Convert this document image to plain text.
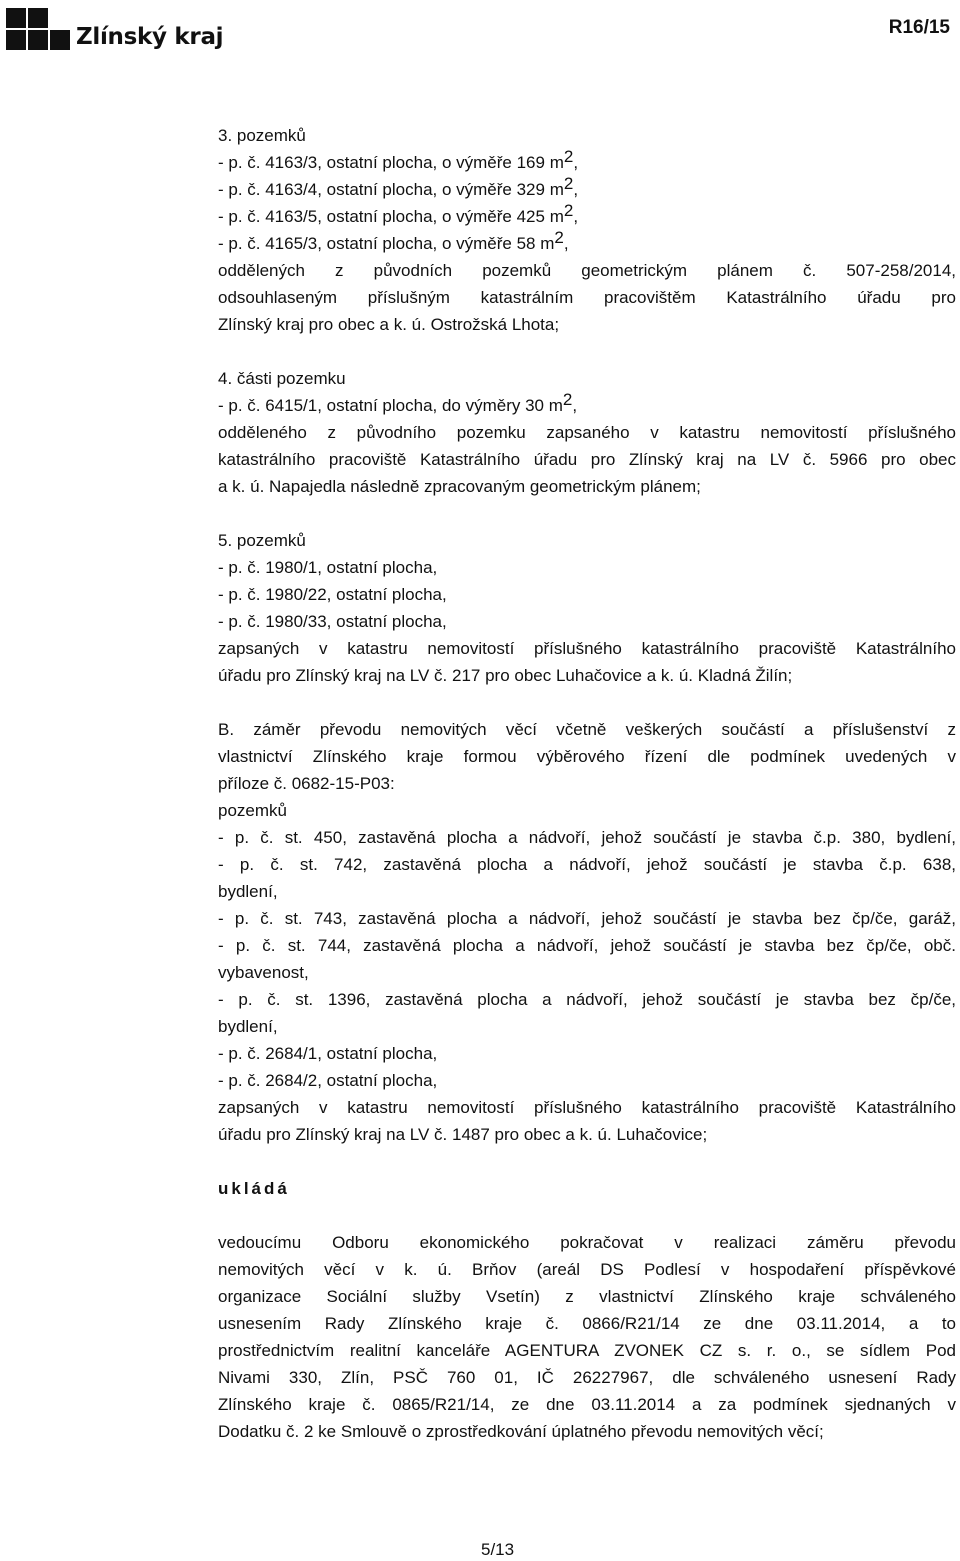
Zlínský kraj	R16/15
3. pozemků
- p. č. 4163/3, ostatní plocha, o výměře 169 $m^2$,
- p. č. 4163/4, ostatní plocha, o výměře 329 $m^2$,
- p. č. 4163/5, ostatní plocha, o výměře 425 $m^2$,
- p. č. 4165/3, ostatní plocha, o výměře 58 $m^2$,
oddělených z původních pozemků geometrickým plánem č. 507-258/2014,
odsouhlaseným příslušným katastrálním pracovištěm Katastrálního úřadu pro
Zlínský kraj pro obec a k. ú. Ostrožská Lhota;
4. části pozemku
- p. č. 6415/1, ostatní plocha, do výměry 30 $m^2$,
odděleného z původního pozemku zapsaného v katastru nemovitostí příslušného
katastrálního pracoviště Katastrálního úřadu pro Zlínský kraj na LV č. 5966 pro obec
a k. ú. Napajedla následně zpracovaným geometrickým plánem;
5. pozemků
- p. č. 1980/1, ostatní plocha,
- p. č. 1980/22, ostatní plocha,
- p. č. 1980/33, ostatní plocha,
zapsaných v katastru nemovitostí příslušného katastrálního pracoviště Katastrálního
úřadu pro Zlínský kraj na LV č. 217 pro obec Luhačovice a k. ú. Kladná Žilín;
B. záměr převodu nemovitých věcí včetně veškerých součástí a příslušenství z
vlastnictví Zlínského kraje formou výběrového řízení dle podmínek uvedených v
příloze č. 0682-15-P03:
pozemků
- p. č. st. 450, zastavěná plocha a nádvoří, jehož součástí je stavba č.p. 380, bydlení,
- p. č. st. 742, zastavěná plocha a nádvoří, jehož součástí je stavba č.p. 638,
bydlení,
- p. č. st. 743, zastavěná plocha a nádvoří, jehož součástí je stavba bez čp/če, garáž,
- p. č. st. 744, zastavěná plocha a nádvoří, jehož součástí je stavba bez čp/če, obč.
vybavenost,
- p. č. st. 1396, zastavěná plocha a nádvoří, jehož součástí je stavba bez čp/če,
bydlení,
- p. č. 2684/1, ostatní plocha,
- p. č. 2684/2, ostatní plocha,
zapsaných v katastru nemovitostí příslušného katastrálního pracoviště Katastrálního
úřadu pro Zlínský kraj na LV č. 1487 pro obec a k. ú. Luhačovice;
ukládá
vedoucímu Odboru ekonomického pokračovat v realizaci záměru převodu
nemovitých věcí v k. ú. Brňov (areál DS Podlesí v hospodaření příspěvkové
organizace Sociální služby Vsetín) z vlastnictví Zlínského kraje schváleného
usnesením Rady Zlínského kraje č. 0866/R21/14 ze dne 03.11.2014, a to
prostřednictvím realitní kanceláře AGENTURA ZVONEK CZ s. r. o., se sídlem Pod
Nivami 330, Zlín, PSČ 760 01, IČ 26227967, dle schváleného usnesení Rady
Zlínského kraje č. 0865/R21/14, ze dne 03.11.2014 a za podmínek sjednaných v
Dodatku č. 2 ke Smlouvě o zprostředkování úplatného převodu nemovitých věcí;
5/13
